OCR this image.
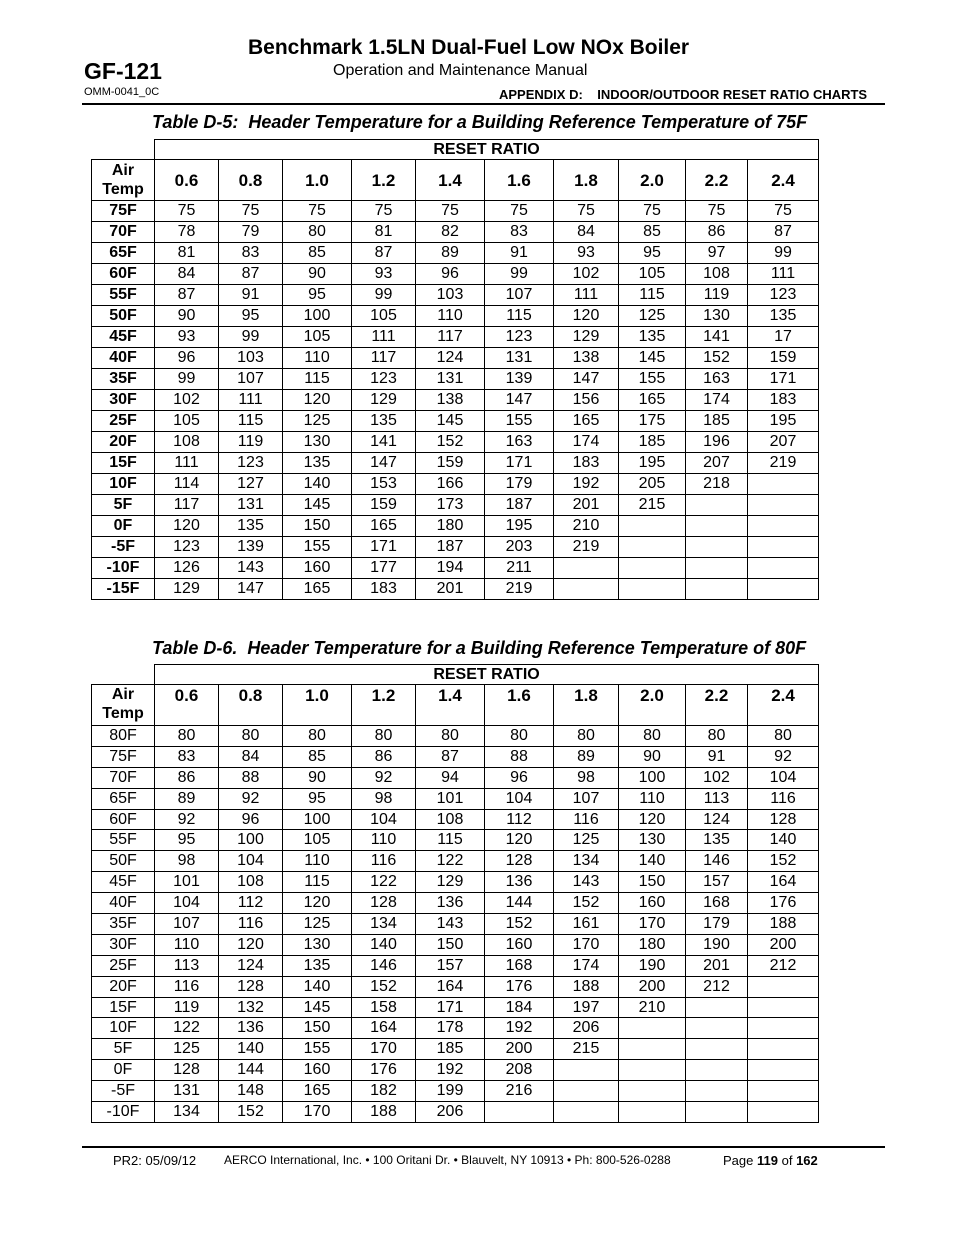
Benchmark 1.5LN Dual-Fuel Low NOx Boiler
GF-121	Operation and Maintenance Manual
OMM-0041_0C	APPENDIX D:    INDOOR/OUTDOOR RESET RATIO CHARTS
Table D-5:  Header Temperature for a Building Reference Temperature of 75F
	RESET RATIO									
Air
Temp	0.6	0.8	1.0	1.2	1.4	1.6	1.8	2.0	2.2	2.4
75F	75	75	75	75	75	75	75	75	75	75
70F	78	79	80	81	82	83	84	85	86	87
65F	81	83	85	87	89	91	93	95	97	99
60F	84	87	90	93	96	99	102	105	108	111
55F	87	91	95	99	103	107	111	115	119	123
50F	90	95	100	105	110	115	120	125	130	135
45F	93	99	105	111	117	123	129	135	141	17
40F	96	103	110	117	124	131	138	145	152	159
35F	99	107	115	123	131	139	147	155	163	171
30F	102	111	120	129	138	147	156	165	174	183
25F	105	115	125	135	145	155	165	175	185	195
20F	108	119	130	141	152	163	174	185	196	207
15F	111	123	135	147	159	171	183	195	207	219
10F	114	127	140	153	166	179	192	205	218	
5F	117	131	145	159	173	187	201	215		
0F	120	135	150	165	180	195	210			
-5F	123	139	155	171	187	203	219			
-10F	126	143	160	177	194	211				
-15F	129	147	165	183	201	219				
Table D-6.  Header Temperature for a Building Reference Temperature of 80F
	RESET RATIO									
Air
Temp	0.6	0.8	1.0	1.2	1.4	1.6	1.8	2.0	2.2	2.4
80F	80	80	80	80	80	80	80	80	80	80
75F	83	84	85	86	87	88	89	90	91	92
70F	86	88	90	92	94	96	98	100	102	104
65F	89	92	95	98	101	104	107	110	113	116
60F	92	96	100	104	108	112	116	120	124	128
55F	95	100	105	110	115	120	125	130	135	140
50F	98	104	110	116	122	128	134	140	146	152
45F	101	108	115	122	129	136	143	150	157	164
40F	104	112	120	128	136	144	152	160	168	176
35F	107	116	125	134	143	152	161	170	179	188
30F	110	120	130	140	150	160	170	180	190	200
25F	113	124	135	146	157	168	174	190	201	212
20F	116	128	140	152	164	176	188	200	212	
15F	119	132	145	158	171	184	197	210		
10F	122	136	150	164	178	192	206			
5F	125	140	155	170	185	200	215			
0F	128	144	160	176	192	208				
-5F	131	148	165	182	199	216				
-10F	134	152	170	188	206					
PR2: 05/09/12 AERCO International, Inc. • 100 Oritani Dr. • Blauvelt, NY 10913 • Ph: 800-526-0288	Page 119 of 162
